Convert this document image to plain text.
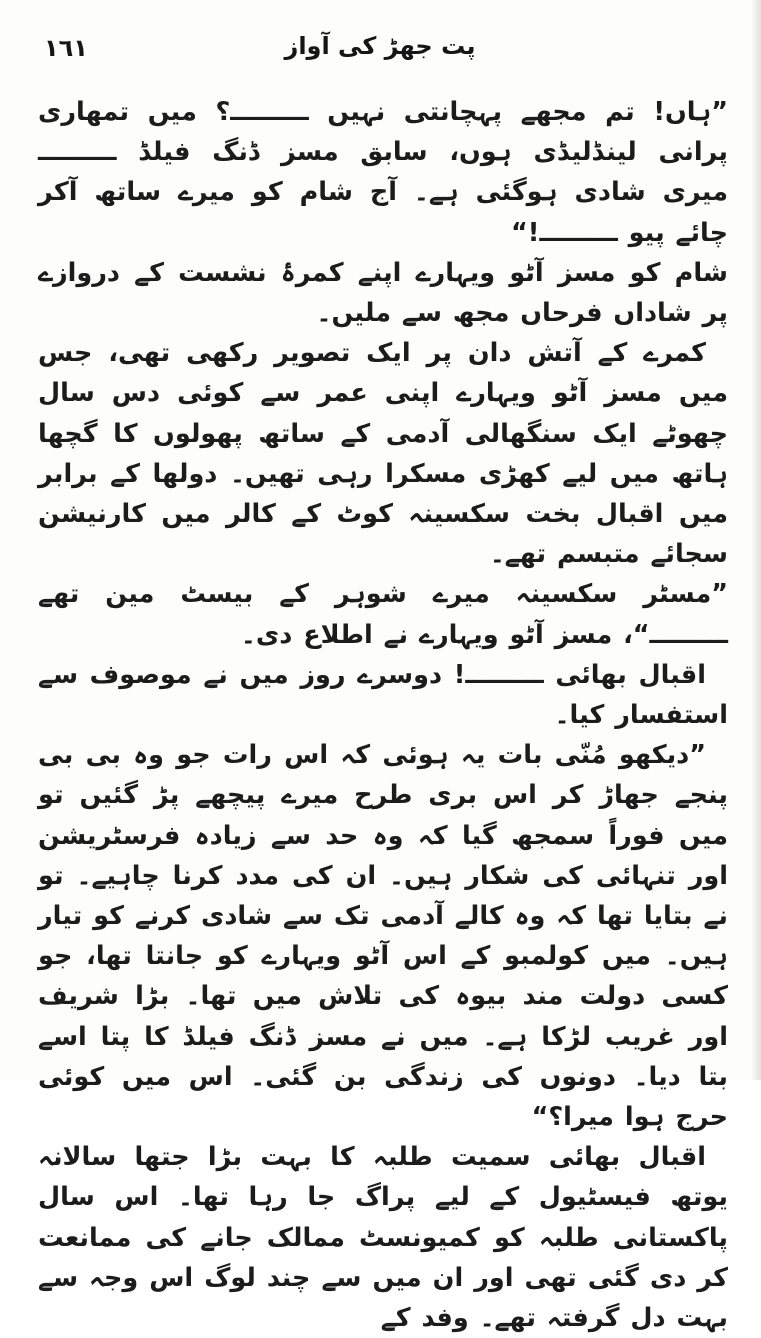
١٦١	پت جھڑ کی آواز

”ہاں! تم مجھے پہچانتی نہیں ـــــــــ؟ میں تمھاری پرانی لینڈلیڈی ہوں، سابق مسز ڈنگ فیلڈ ـــــــــ میری شادی ہوگئی ہے۔ آج شام کو میرے ساتھ آکر چائے پیو ـــــــــ!“

شام کو مسز آٹو ویہارے اپنے کمرۂ نشست کے دروازے پر شاداں فرحاں مجھ سے ملیں۔

کمرے کے آتش دان پر ایک تصویر رکھی تھی، جس میں مسز آٹو ویہارے اپنی عمر سے کوئی دس سال چھوٹے ایک سنگھالی آدمی کے ساتھ پھولوں کا گچھا ہاتھ میں لیے کھڑی مسکرا رہی تھیں۔ دولھا کے برابر میں اقبال بخت سکسینہ کوٹ کے کالر میں کارنیشن سجائے متبسم تھے۔

”مسٹر سکسینہ میرے شوہر کے بیسٹ مین تھے ـــــــــ“، مسز آٹو ویہارے نے اطلاع دی۔

اقبال بھائی ـــــــــ! دوسرے روز میں نے موصوف سے استفسار کیا۔

”دیکھو مُنّی بات یہ ہوئی کہ اس رات جو وہ بی بی پنجے جھاڑ کر اس بری طرح میرے پیچھے پڑ گئیں تو میں فوراً سمجھ گیا کہ وہ حد سے زیادہ فرسٹریشن اور تنہائی کی شکار ہیں۔ ان کی مدد کرنا چاہیے۔ تو نے بتایا تھا کہ وہ کالے آدمی تک سے شادی کرنے کو تیار ہیں۔ میں کولمبو کے اس آٹو ویہارے کو جانتا تھا، جو کسی دولت مند بیوہ کی تلاش میں تھا۔ بڑا شریف اور غریب لڑکا ہے۔ میں نے مسز ڈنگ فیلڈ کا پتا اسے بتا دیا۔ دونوں کی زندگی بن گئی۔ اس میں کوئی حرج ہوا میرا؟“

اقبال بھائی سمیت طلبہ کا بہت بڑا جتھا سالانہ یوتھ فیسٹیول کے لیے پراگ جا رہا تھا۔ اس سال پاکستانی طلبہ کو کمیونسٹ ممالک جانے کی ممانعت کر دی گئی تھی اور ان میں سے چند لوگ اس وجہ سے بہت دل گرفتہ تھے۔ وفد کے
